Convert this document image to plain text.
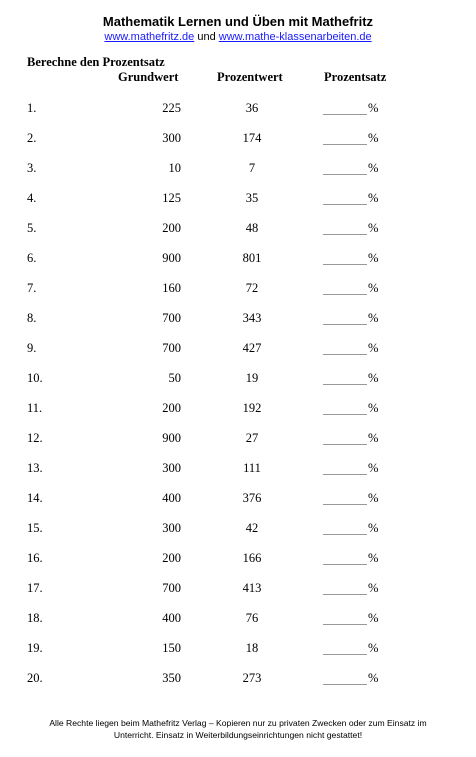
Mathematik Lernen und Üben mit Mathefritz
www.mathefritz.de und www.mathe-klassenarbeiten.de
Berechne den Prozentsatz
Grundwert	Prozentwert	Prozentsatz
1.	225	36	%
2.	300	174	%
3.	10	7	%
4.	125	35	%
5.	200	48	%
6.	900	801	%
7.	160	72	%
8.	700	343	%
9.	700	427	%
10.	50	19	%
11.	200	192	%
12.	900	27	%
13.	300	111	%
14.	400	376	%
15.	300	42	%
16.	200	166	%
17.	700	413	%
18.	400	76	%
19.	150	18	%
20.	350	273	%
Alle Rechte liegen beim Mathefritz Verlag – Kopieren nur zu privaten Zwecken oder zum Einsatz im
Unterricht. Einsatz in Weiterbildungseinrichtungen nicht gestattet!
